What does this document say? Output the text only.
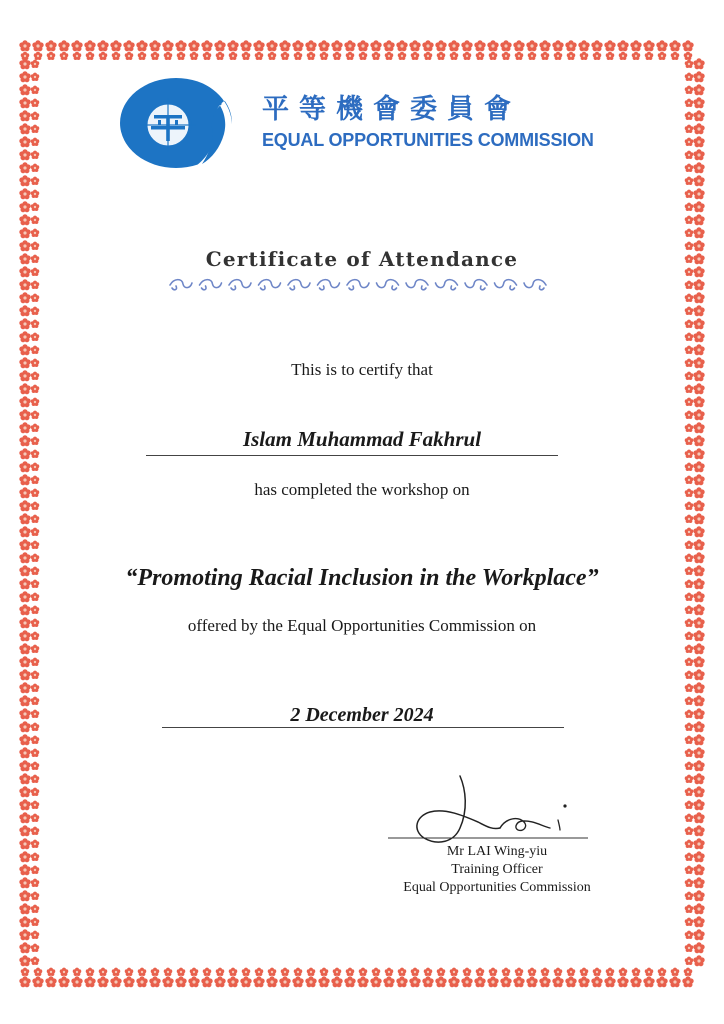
平等機會委員會

EQUAL OPPORTUNITIES COMMISSION

Certificate of Attendance

This is to certify that

Islam Muhammad Fakhrul

has completed the workshop on

“Promoting Racial Inclusion in the Workplace”

offered by the Equal Opportunities Commission on

2 December 2024

Mr LAI Wing-yiu

Training Officer

Equal Opportunities Commission
